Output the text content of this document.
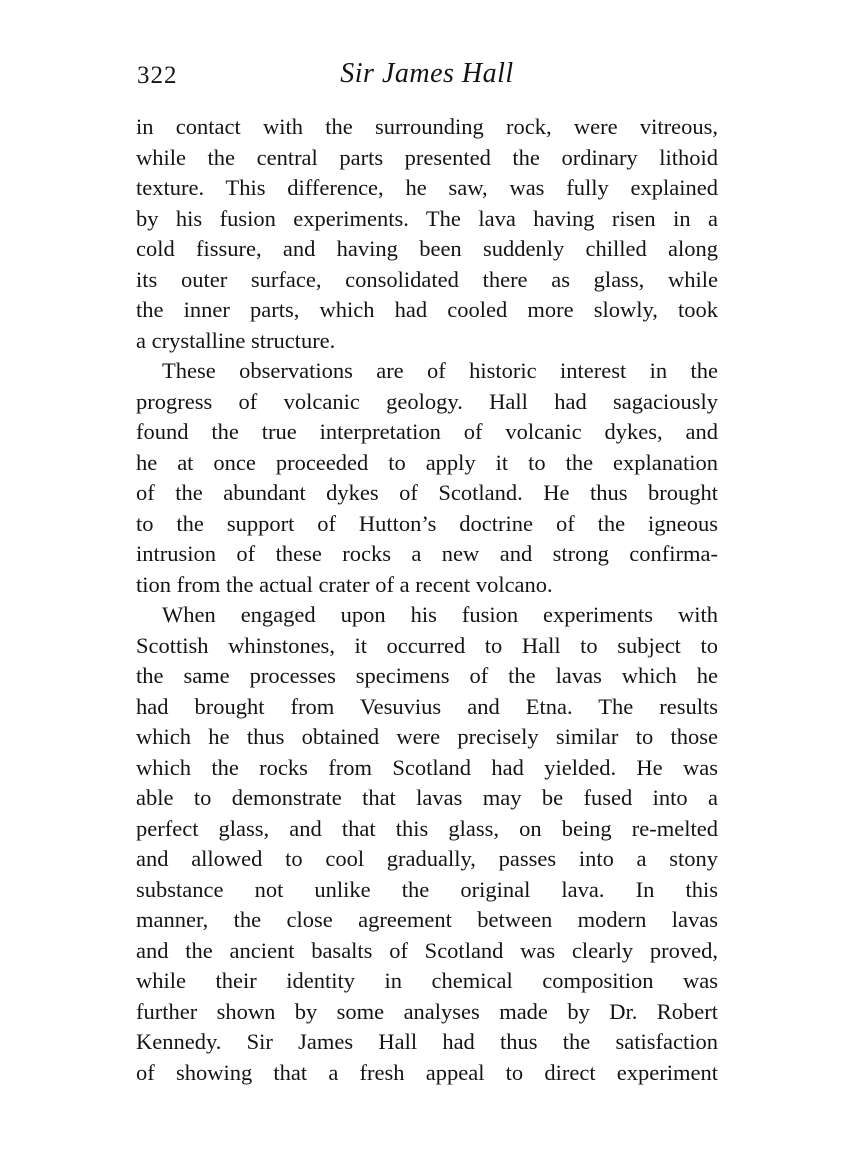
322	Sir James Hall
in contact with the surrounding rock, were vitreous,
while the central parts presented the ordinary lithoid
texture. This difference, he saw, was fully explained
by his fusion experiments. The lava having risen in a
cold fissure, and having been suddenly chilled along
its outer surface, consolidated there as glass, while
the inner parts, which had cooled more slowly, took
a crystalline structure.
These observations are of historic interest in the
progress of volcanic geology. Hall had sagaciously
found the true interpretation of volcanic dykes, and
he at once proceeded to apply it to the explanation
of the abundant dykes of Scotland. He thus brought
to the support of Hutton’s doctrine of the igneous
intrusion of these rocks a new and strong confirma-
tion from the actual crater of a recent volcano.
When engaged upon his fusion experiments with
Scottish whinstones, it occurred to Hall to subject to
the same processes specimens of the lavas which he
had brought from Vesuvius and Etna. The results
which he thus obtained were precisely similar to those
which the rocks from Scotland had yielded. He was
able to demonstrate that lavas may be fused into a
perfect glass, and that this glass, on being re-melted
and allowed to cool gradually, passes into a stony
substance not unlike the original lava. In this
manner, the close agreement between modern lavas
and the ancient basalts of Scotland was clearly proved,
while their identity in chemical composition was
further shown by some analyses made by Dr. Robert
Kennedy. Sir James Hall had thus the satisfaction
of showing that a fresh appeal to direct experiment
